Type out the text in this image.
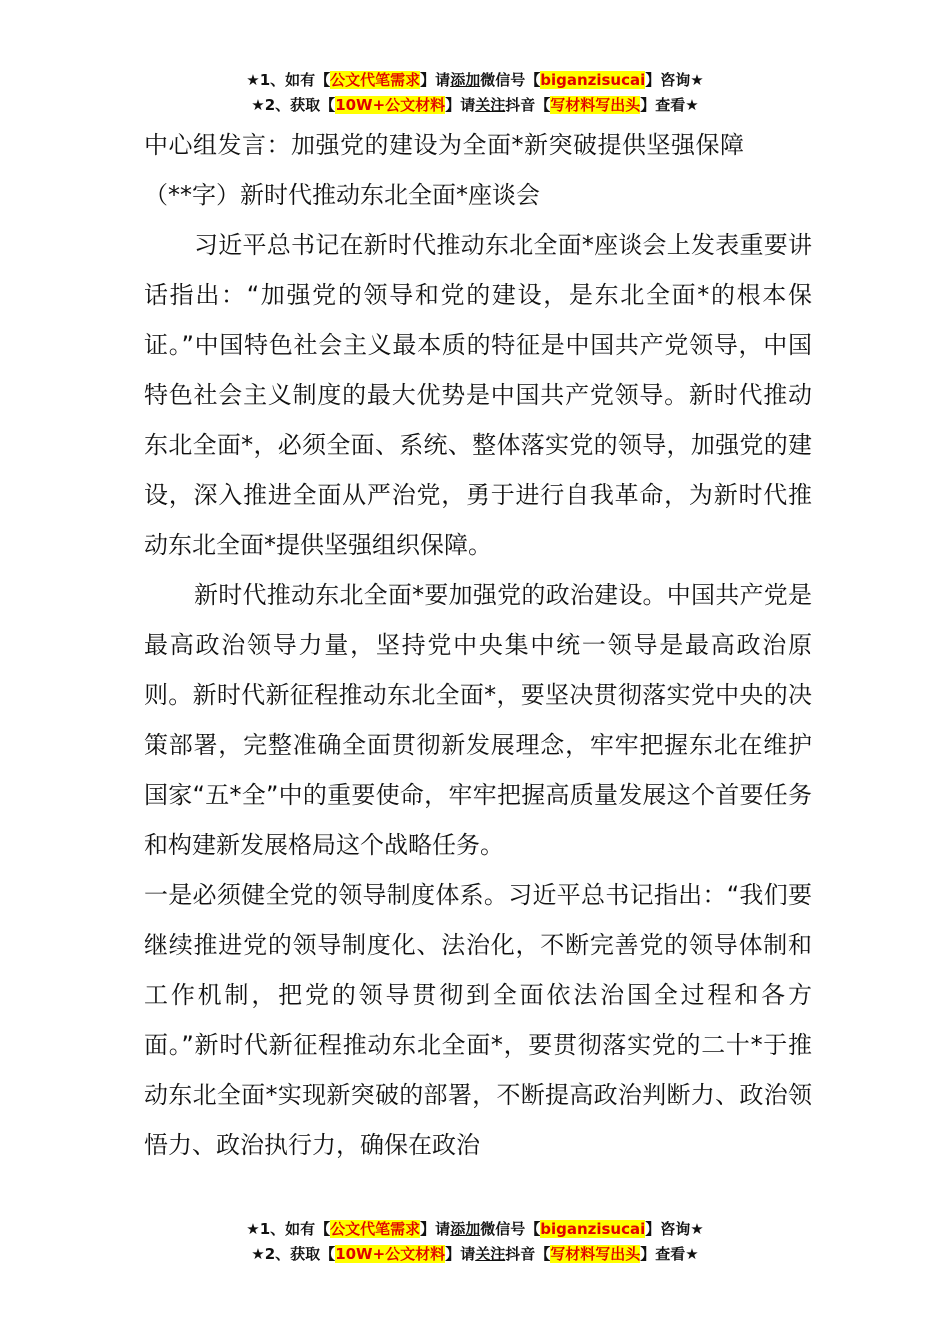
★1、如有【公文代笔需求】请添加微信号【biganzisucai】咨询★
★2、获取【10W+公文材料】请关注抖音【写材料写出头】查看★

中心组发言：加强党的建设为全面*新突破提供坚强保障

（**字）新时代推动东北全面*座谈会

习近平总书记在新时代推动东北全面*座谈会上发表重要讲话指出：“加强党的领导和党的建设，是东北全面*的根本保证。”中国特色社会主义最本质的特征是中国共产党领导，中国特色社会主义制度的最大优势是中国共产党领导。新时代推动东北全面*，必须全面、系统、整体落实党的领导，加强党的建设，深入推进全面从严治党，勇于进行自我革命，为新时代推动东北全面*提供坚强组织保障。

新时代推动东北全面*要加强党的政治建设。中国共产党是最高政治领导力量，坚持党中央集中统一领导是最高政治原则。新时代新征程推动东北全面*，要坚决贯彻落实党中央的决策部署，完整准确全面贯彻新发展理念，牢牢把握东北在维护国家“五*全”中的重要使命，牢牢把握高质量发展这个首要任务和构建新发展格局这个战略任务。

一是必须健全党的领导制度体系。习近平总书记指出：“我们要继续推进党的领导制度化、法治化，不断完善党的领导体制和工作机制，把党的领导贯彻到全面依法治国全过程和各方面。”新时代新征程推动东北全面*，要贯彻落实党的二十*于推动东北全面*实现新突破的部署，不断提高政治判断力、政治领悟力、政治执行力，确保在政治

★1、如有【公文代笔需求】请添加微信号【biganzisucai】咨询★
★2、获取【10W+公文材料】请关注抖音【写材料写出头】查看★
